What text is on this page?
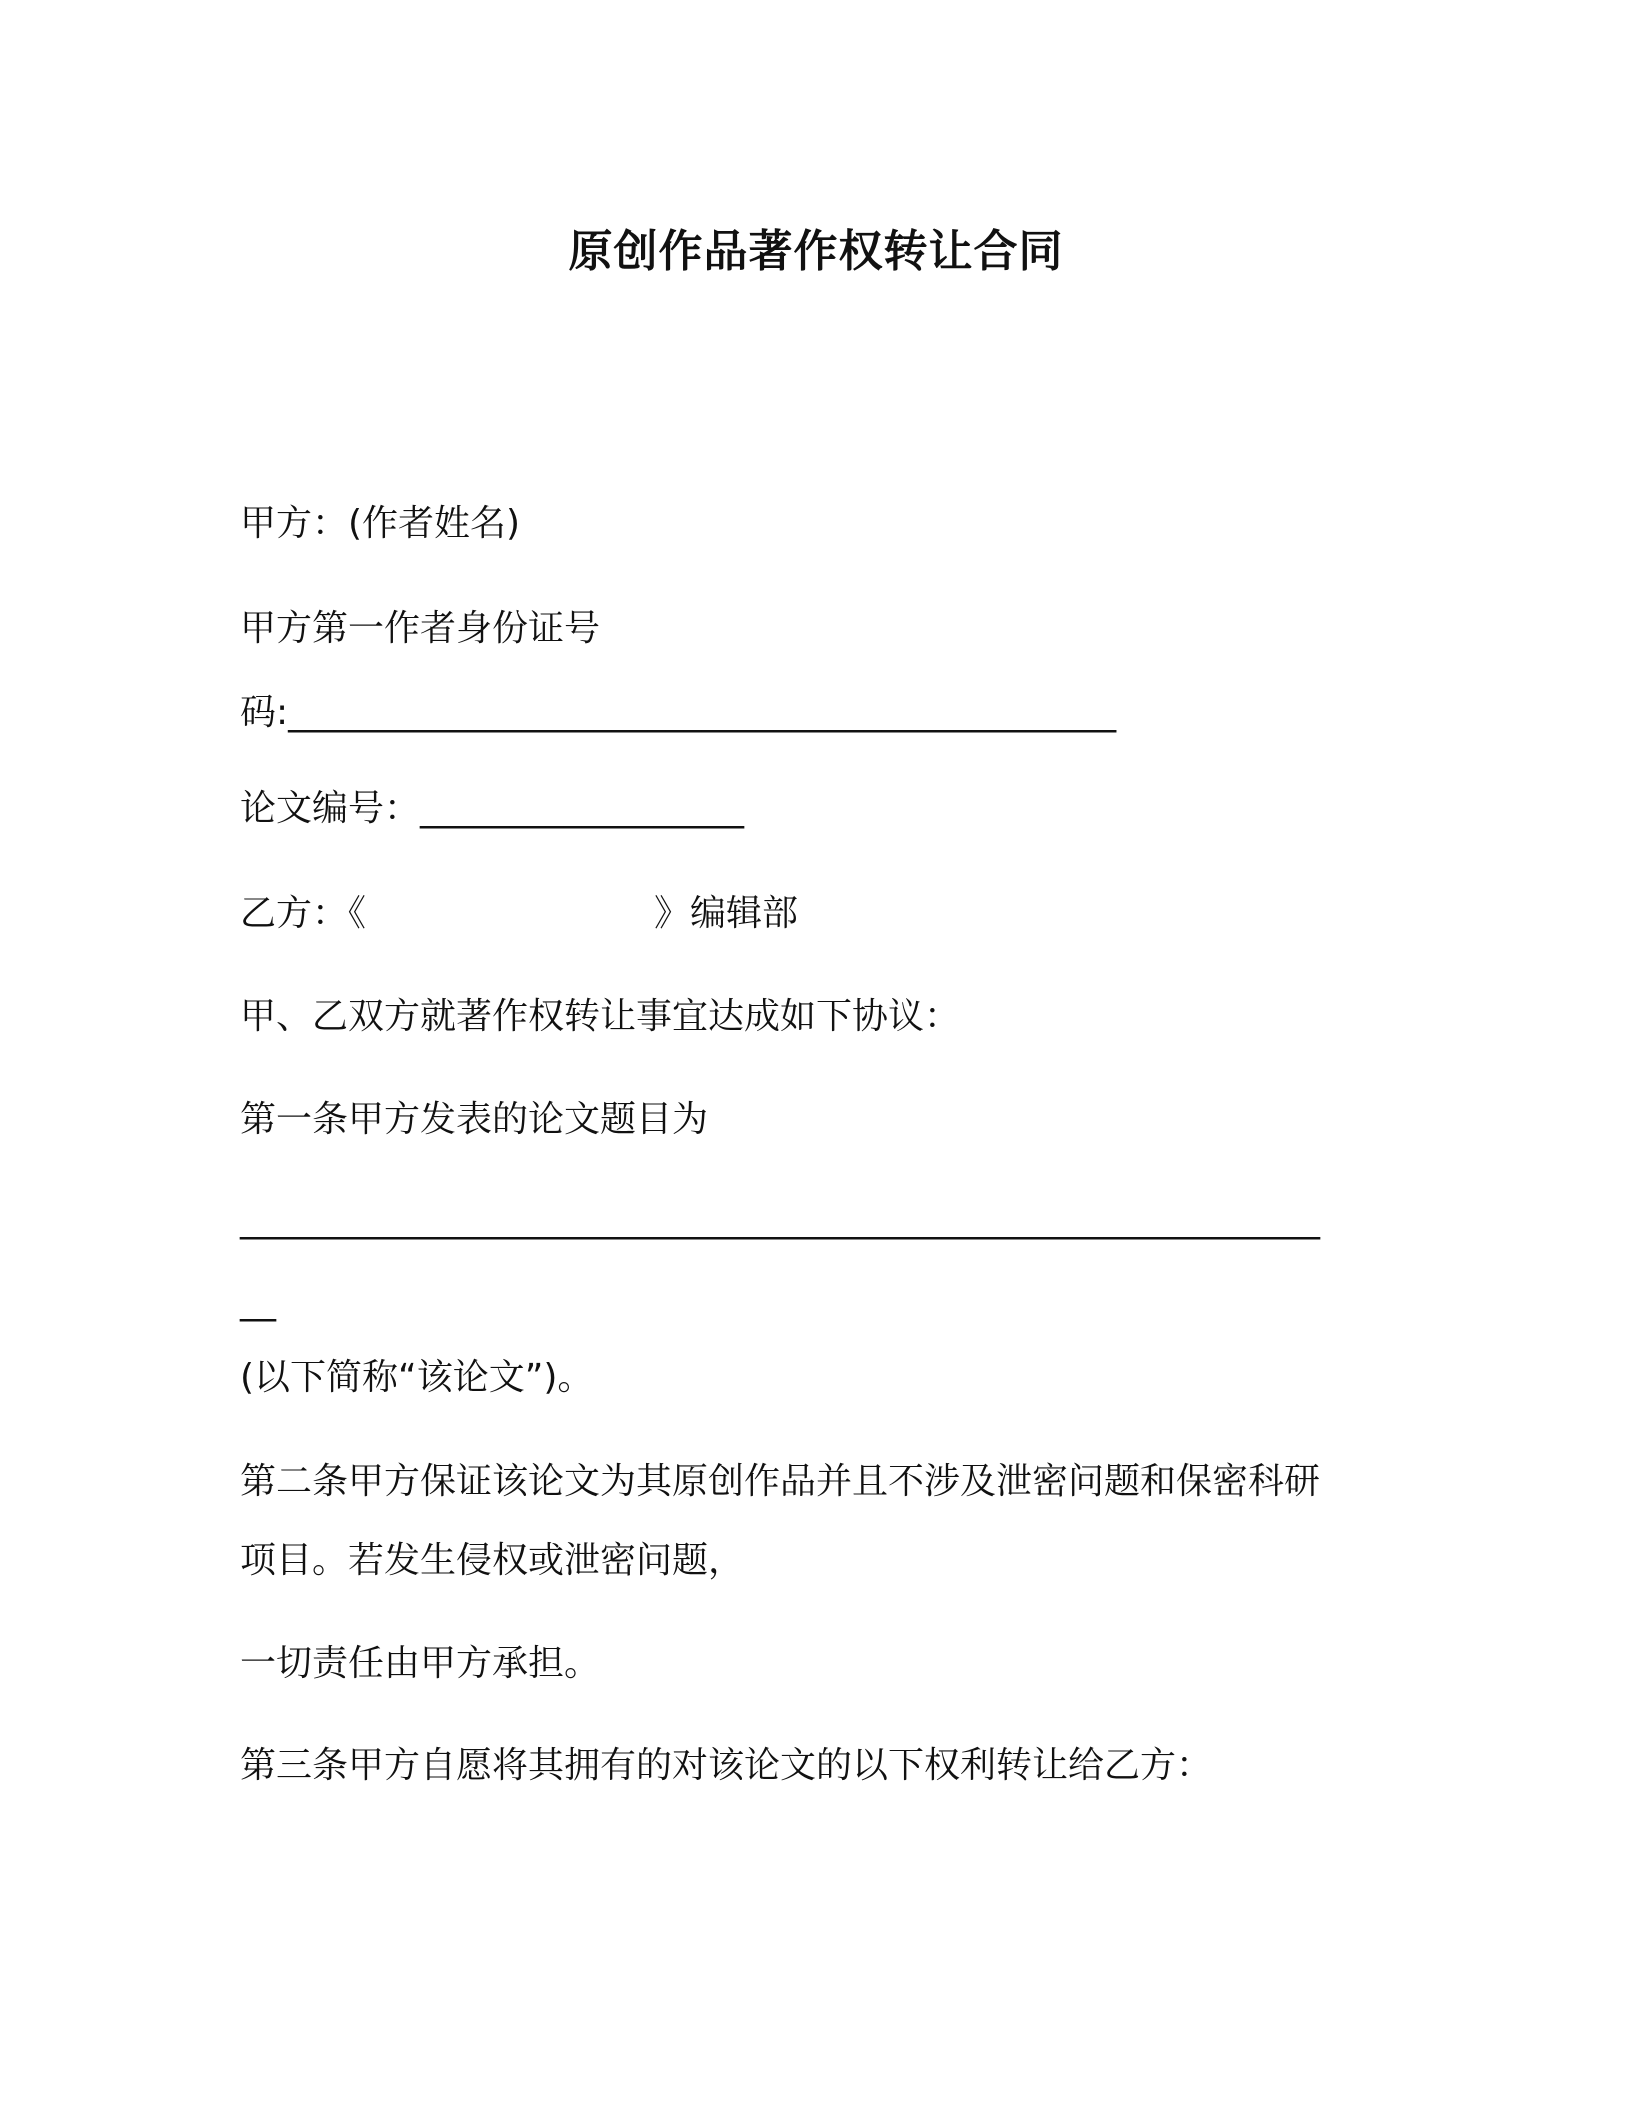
原创作品著作权转让合同
甲方：(作者姓名)
甲方第一作者身份证号
码:______________________________________________
论文编号：__________________
乙方：《　　　　　　　　》编辑部
甲、乙双方就著作权转让事宜达成如下协议：
第一条甲方发表的论文题目为
____________________________________________________________
__
(以下简称“该论文”)。
第二条甲方保证该论文为其原创作品并且不涉及泄密问题和保密科研
项目。若发生侵权或泄密问题，
一切责任由甲方承担。
第三条甲方自愿将其拥有的对该论文的以下权利转让给乙方：
